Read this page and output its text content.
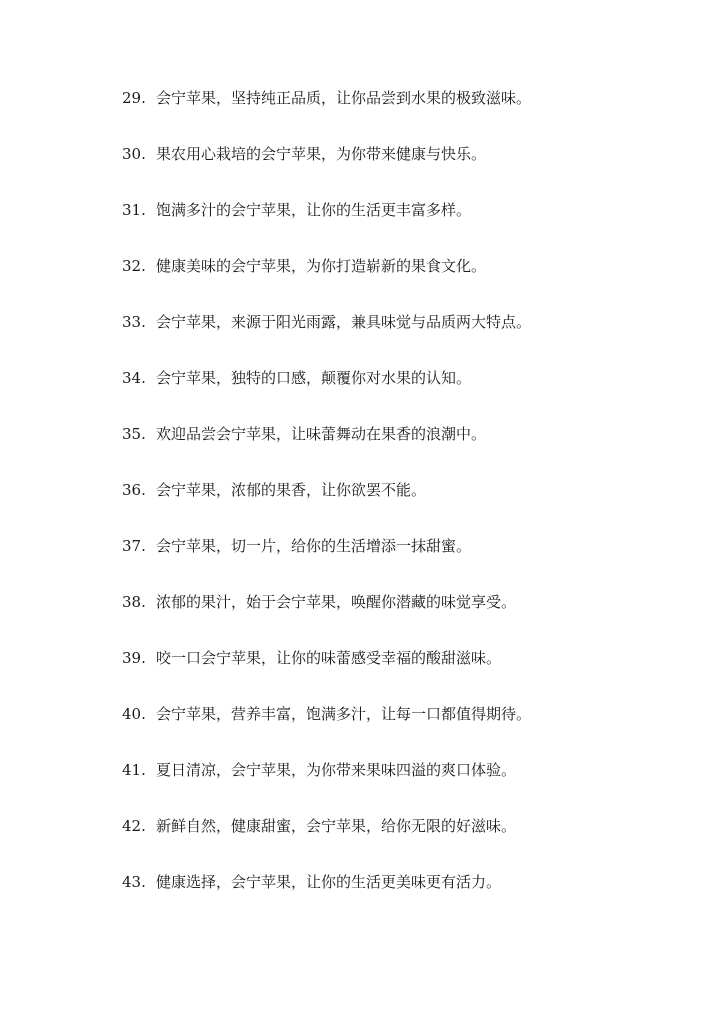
29. 会宁苹果，坚持纯正品质，让你品尝到水果的极致滋味。
30. 果农用心栽培的会宁苹果，为你带来健康与快乐。
31. 饱满多汁的会宁苹果，让你的生活更丰富多样。
32. 健康美味的会宁苹果，为你打造崭新的果食文化。
33. 会宁苹果，来源于阳光雨露，兼具味觉与品质两大特点。
34. 会宁苹果，独特的口感，颠覆你对水果的认知。
35. 欢迎品尝会宁苹果，让味蕾舞动在果香的浪潮中。
36. 会宁苹果，浓郁的果香，让你欲罢不能。
37. 会宁苹果，切一片，给你的生活增添一抹甜蜜。
38. 浓郁的果汁，始于会宁苹果，唤醒你潜藏的味觉享受。
39. 咬一口会宁苹果，让你的味蕾感受幸福的酸甜滋味。
40. 会宁苹果，营养丰富，饱满多汁，让每一口都值得期待。
41. 夏日清凉，会宁苹果，为你带来果味四溢的爽口体验。
42. 新鲜自然，健康甜蜜，会宁苹果，给你无限的好滋味。
43. 健康选择，会宁苹果，让你的生活更美味更有活力。
